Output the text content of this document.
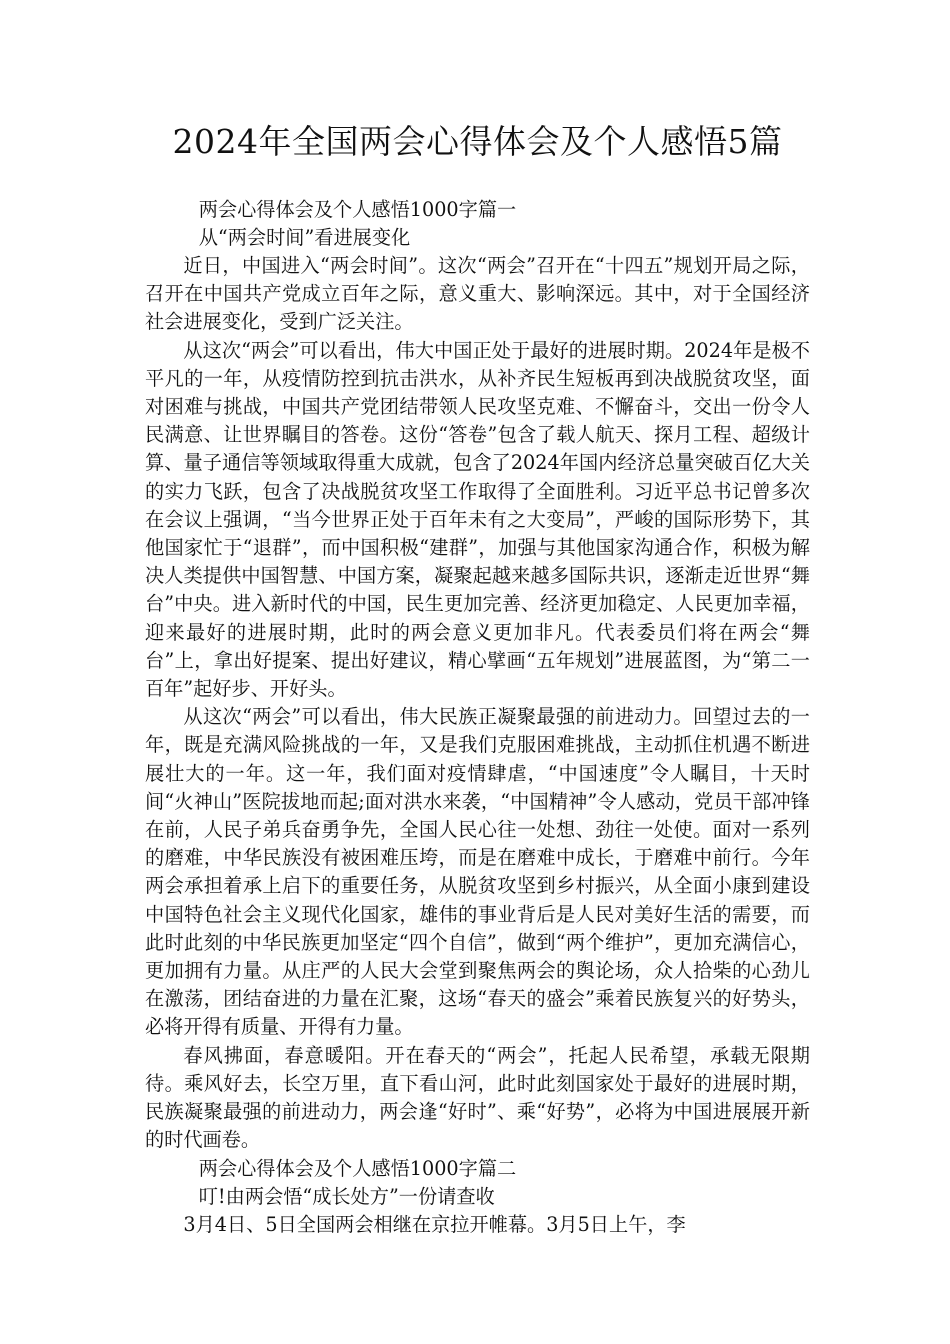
2024年全国两会心得体会及个人感悟5篇

两会心得体会及个人感悟1000字篇一

从“两会时间”看进展变化

近日，中国进入“两会时间”。这次“两会”召开在“十四五”规划开局之际，召开在中国共产党成立百年之际，意义重大、影响深远。其中，对于全国经济社会进展变化，受到广泛关注。

从这次“两会”可以看出，伟大中国正处于最好的进展时期。2024年是极不平凡的一年，从疫情防控到抗击洪水，从补齐民生短板再到决战脱贫攻坚，面对困难与挑战，中国共产党团结带领人民攻坚克难、不懈奋斗，交出一份令人民满意、让世界瞩目的答卷。这份“答卷”包含了载人航天、探月工程、超级计算、量子通信等领域取得重大成就，包含了2024年国内经济总量突破百亿大关的实力飞跃，包含了决战脱贫攻坚工作取得了全面胜利。习近平总书记曾多次在会议上强调，“当今世界正处于百年未有之大变局”，严峻的国际形势下，其他国家忙于“退群”，而中国积极“建群”，加强与其他国家沟通合作，积极为解决人类提供中国智慧、中国方案，凝聚起越来越多国际共识，逐渐走近世界“舞台”中央。进入新时代的中国，民生更加完善、经济更加稳定、人民更加幸福，迎来最好的进展时期，此时的两会意义更加非凡。代表委员们将在两会“舞台”上，拿出好提案、提出好建议，精心擘画“五年规划”进展蓝图，为“第二一百年”起好步、开好头。

从这次“两会”可以看出，伟大民族正凝聚最强的前进动力。回望过去的一年，既是充满风险挑战的一年，又是我们克服困难挑战，主动抓住机遇不断进展壮大的一年。这一年，我们面对疫情肆虐，“中国速度”令人瞩目，十天时间“火神山”医院拔地而起;面对洪水来袭，“中国精神”令人感动，党员干部冲锋在前，人民子弟兵奋勇争先，全国人民心往一处想、劲往一处使。面对一系列的磨难，中华民族没有被困难压垮，而是在磨难中成长，于磨难中前行。今年两会承担着承上启下的重要任务，从脱贫攻坚到乡村振兴，从全面小康到建设中国特色社会主义现代化国家，雄伟的事业背后是人民对美好生活的需要，而此时此刻的中华民族更加坚定“四个自信”，做到“两个维护”，更加充满信心，更加拥有力量。从庄严的人民大会堂到聚焦两会的舆论场，众人拾柴的心劲儿在激荡，团结奋进的力量在汇聚，这场“春天的盛会”乘着民族复兴的好势头，必将开得有质量、开得有力量。

春风拂面，春意暖阳。开在春天的“两会”，托起人民希望，承载无限期待。乘风好去，长空万里，直下看山河，此时此刻国家处于最好的进展时期，民族凝聚最强的前进动力，两会逢“好时”、乘“好势”，必将为中国进展展开新的时代画卷。

两会心得体会及个人感悟1000字篇二

叮!由两会悟“成长处方”一份请查收

3月4日、5日全国两会相继在京拉开帷幕。3月5日上午，李
